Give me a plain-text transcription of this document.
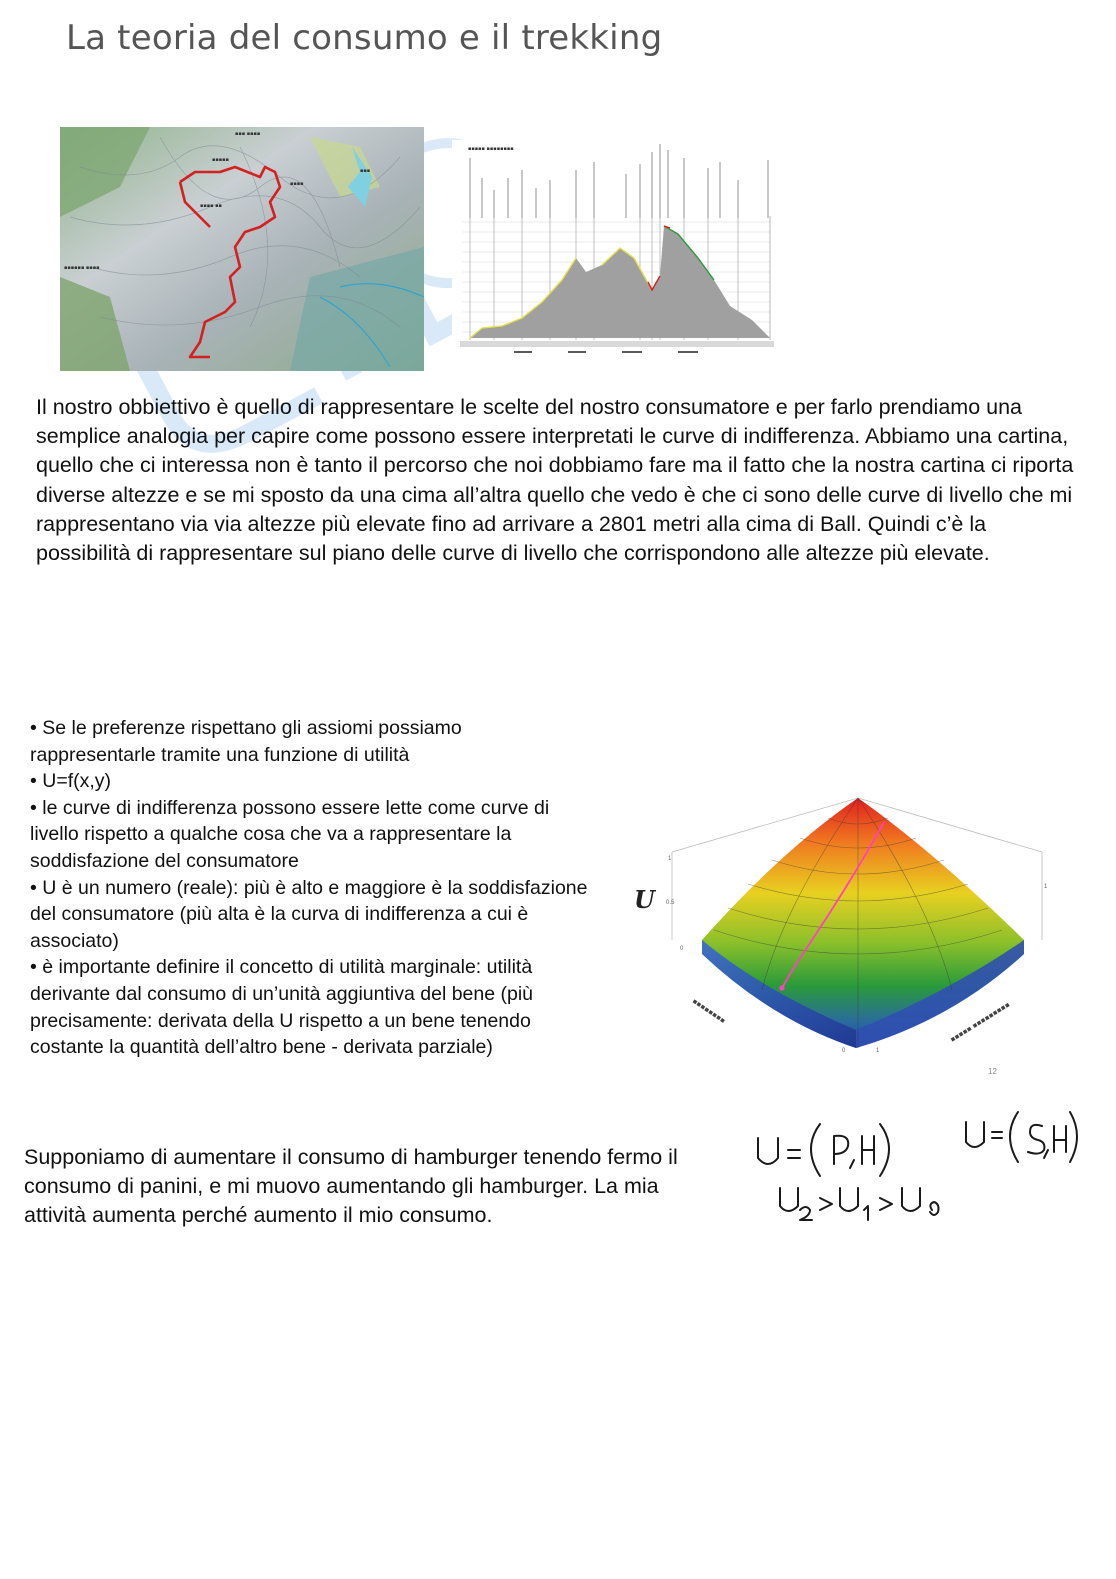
La teoria del consumo e il trekking
▪▪▪ ▪▪▪▪
▪▪▪▪▪
▪▪▪▪
▪▪▪▪ ▪▪
▪▪▪▪▪▪ ▪▪▪▪
▪▪▪
▪▪▪▪▪ ▪▪▪▪▪▪▪▪

Il nostro obbiettivo è quello di rappresentare le scelte del nostro consumatore e per farlo prendiamo una semplice analogia per capire come possono essere interpretati le curve di indifferenza. Abbiamo una cartina, quello che ci interessa non è tanto il percorso che noi dobbiamo fare ma il fatto che la nostra cartina ci riporta diverse altezze e se mi sposto da una cima all’altra quello che vedo è che ci sono delle curve di livello che mi rappresentano via via altezze più elevate fino ad arrivare a 2801 metri alla cima di Ball. Quindi c’è la possibilità di rappresentare sul piano delle curve di livello che corrispondono alle altezze più elevate.

• Se le preferenze rispettano gli assiomi possiamo rappresentarle tramite una funzione di utilità
• U=f(x,y)
• le curve di indifferenza possono essere lette come curve di livello rispetto a qualche cosa che va a rappresentare la soddisfazione del consumatore
• U è un numero (reale): più è alto e maggiore è la soddisfazione del consumatore (più alta è la curva di indifferenza a cui è associato)
• è importante definire il concetto di utilità marginale: utilità derivante dal consumo di un’unità aggiuntiva del bene (più precisamente: derivata della U rispetto a un bene tenendo costante la quantità dell’altro bene - derivata parziale)
U	0.5
0
1
0	1
1
▪▪▪▪▪▪▪▪	▪▪▪▪▪ ▪▪▪▪▪▪▪▪▪
12

Supponiamo di aumentare il consumo di hamburger tenendo fermo il consumo di panini, e mi muovo aumentando gli hamburger. La mia attività aumenta perché aumento il mio consumo.
